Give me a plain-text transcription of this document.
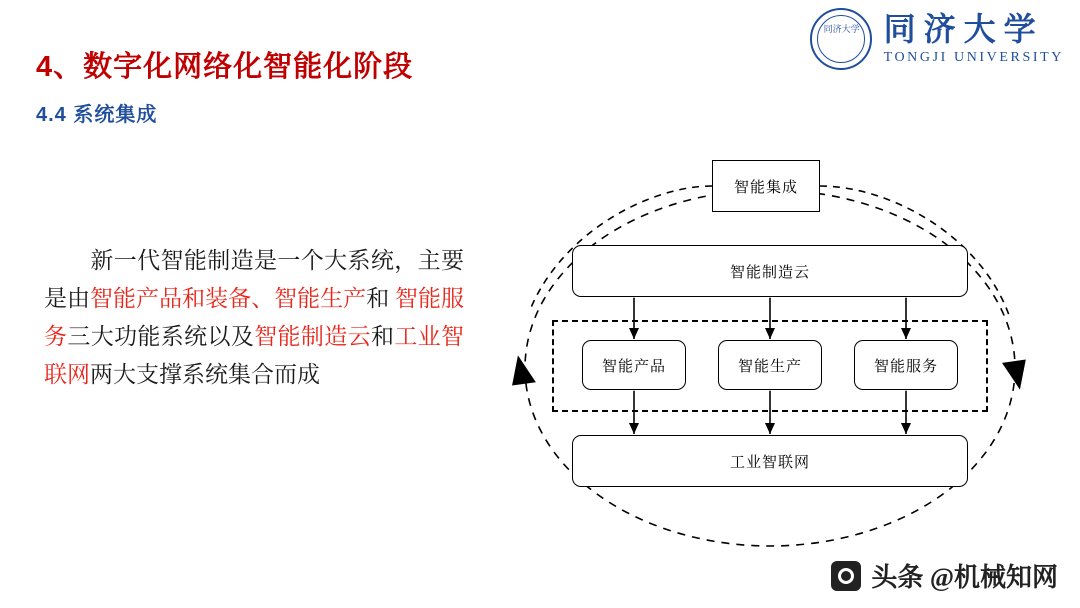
4、数字化网络化智能化阶段
4.4 系统集成
同济大学 同济大学
TONGJI UNIVERSITY
新一代智能制造是一个大系统，主要是由智能产品和装备、智能生产和 智能服务三大功能系统以及智能制造云和工业智联网两大支撑系统集合而成
智能集成
智能制造云
智能产品	智能生产	智能服务
工业智联网
头条 @机械知网
